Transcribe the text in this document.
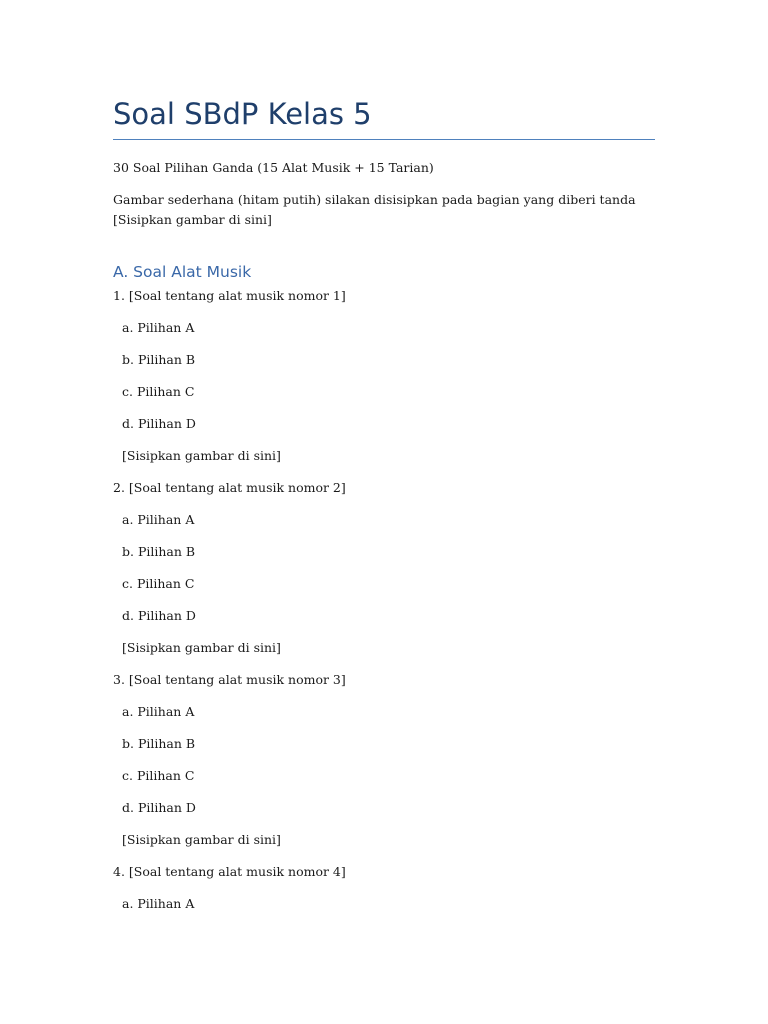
Soal SBdP Kelas 5
30 Soal Pilihan Ganda (15 Alat Musik + 15 Tarian)
Gambar sederhana (hitam putih) silakan disisipkan pada bagian yang diberi tanda [Sisipkan gambar di sini]
A. Soal Alat Musik
1. [Soal tentang alat musik nomor 1]
a. Pilihan A
b. Pilihan B
c. Pilihan C
d. Pilihan D
[Sisipkan gambar di sini]
2. [Soal tentang alat musik nomor 2]
a. Pilihan A
b. Pilihan B
c. Pilihan C
d. Pilihan D
[Sisipkan gambar di sini]
3. [Soal tentang alat musik nomor 3]
a. Pilihan A
b. Pilihan B
c. Pilihan C
d. Pilihan D
[Sisipkan gambar di sini]
4. [Soal tentang alat musik nomor 4]
a. Pilihan A
